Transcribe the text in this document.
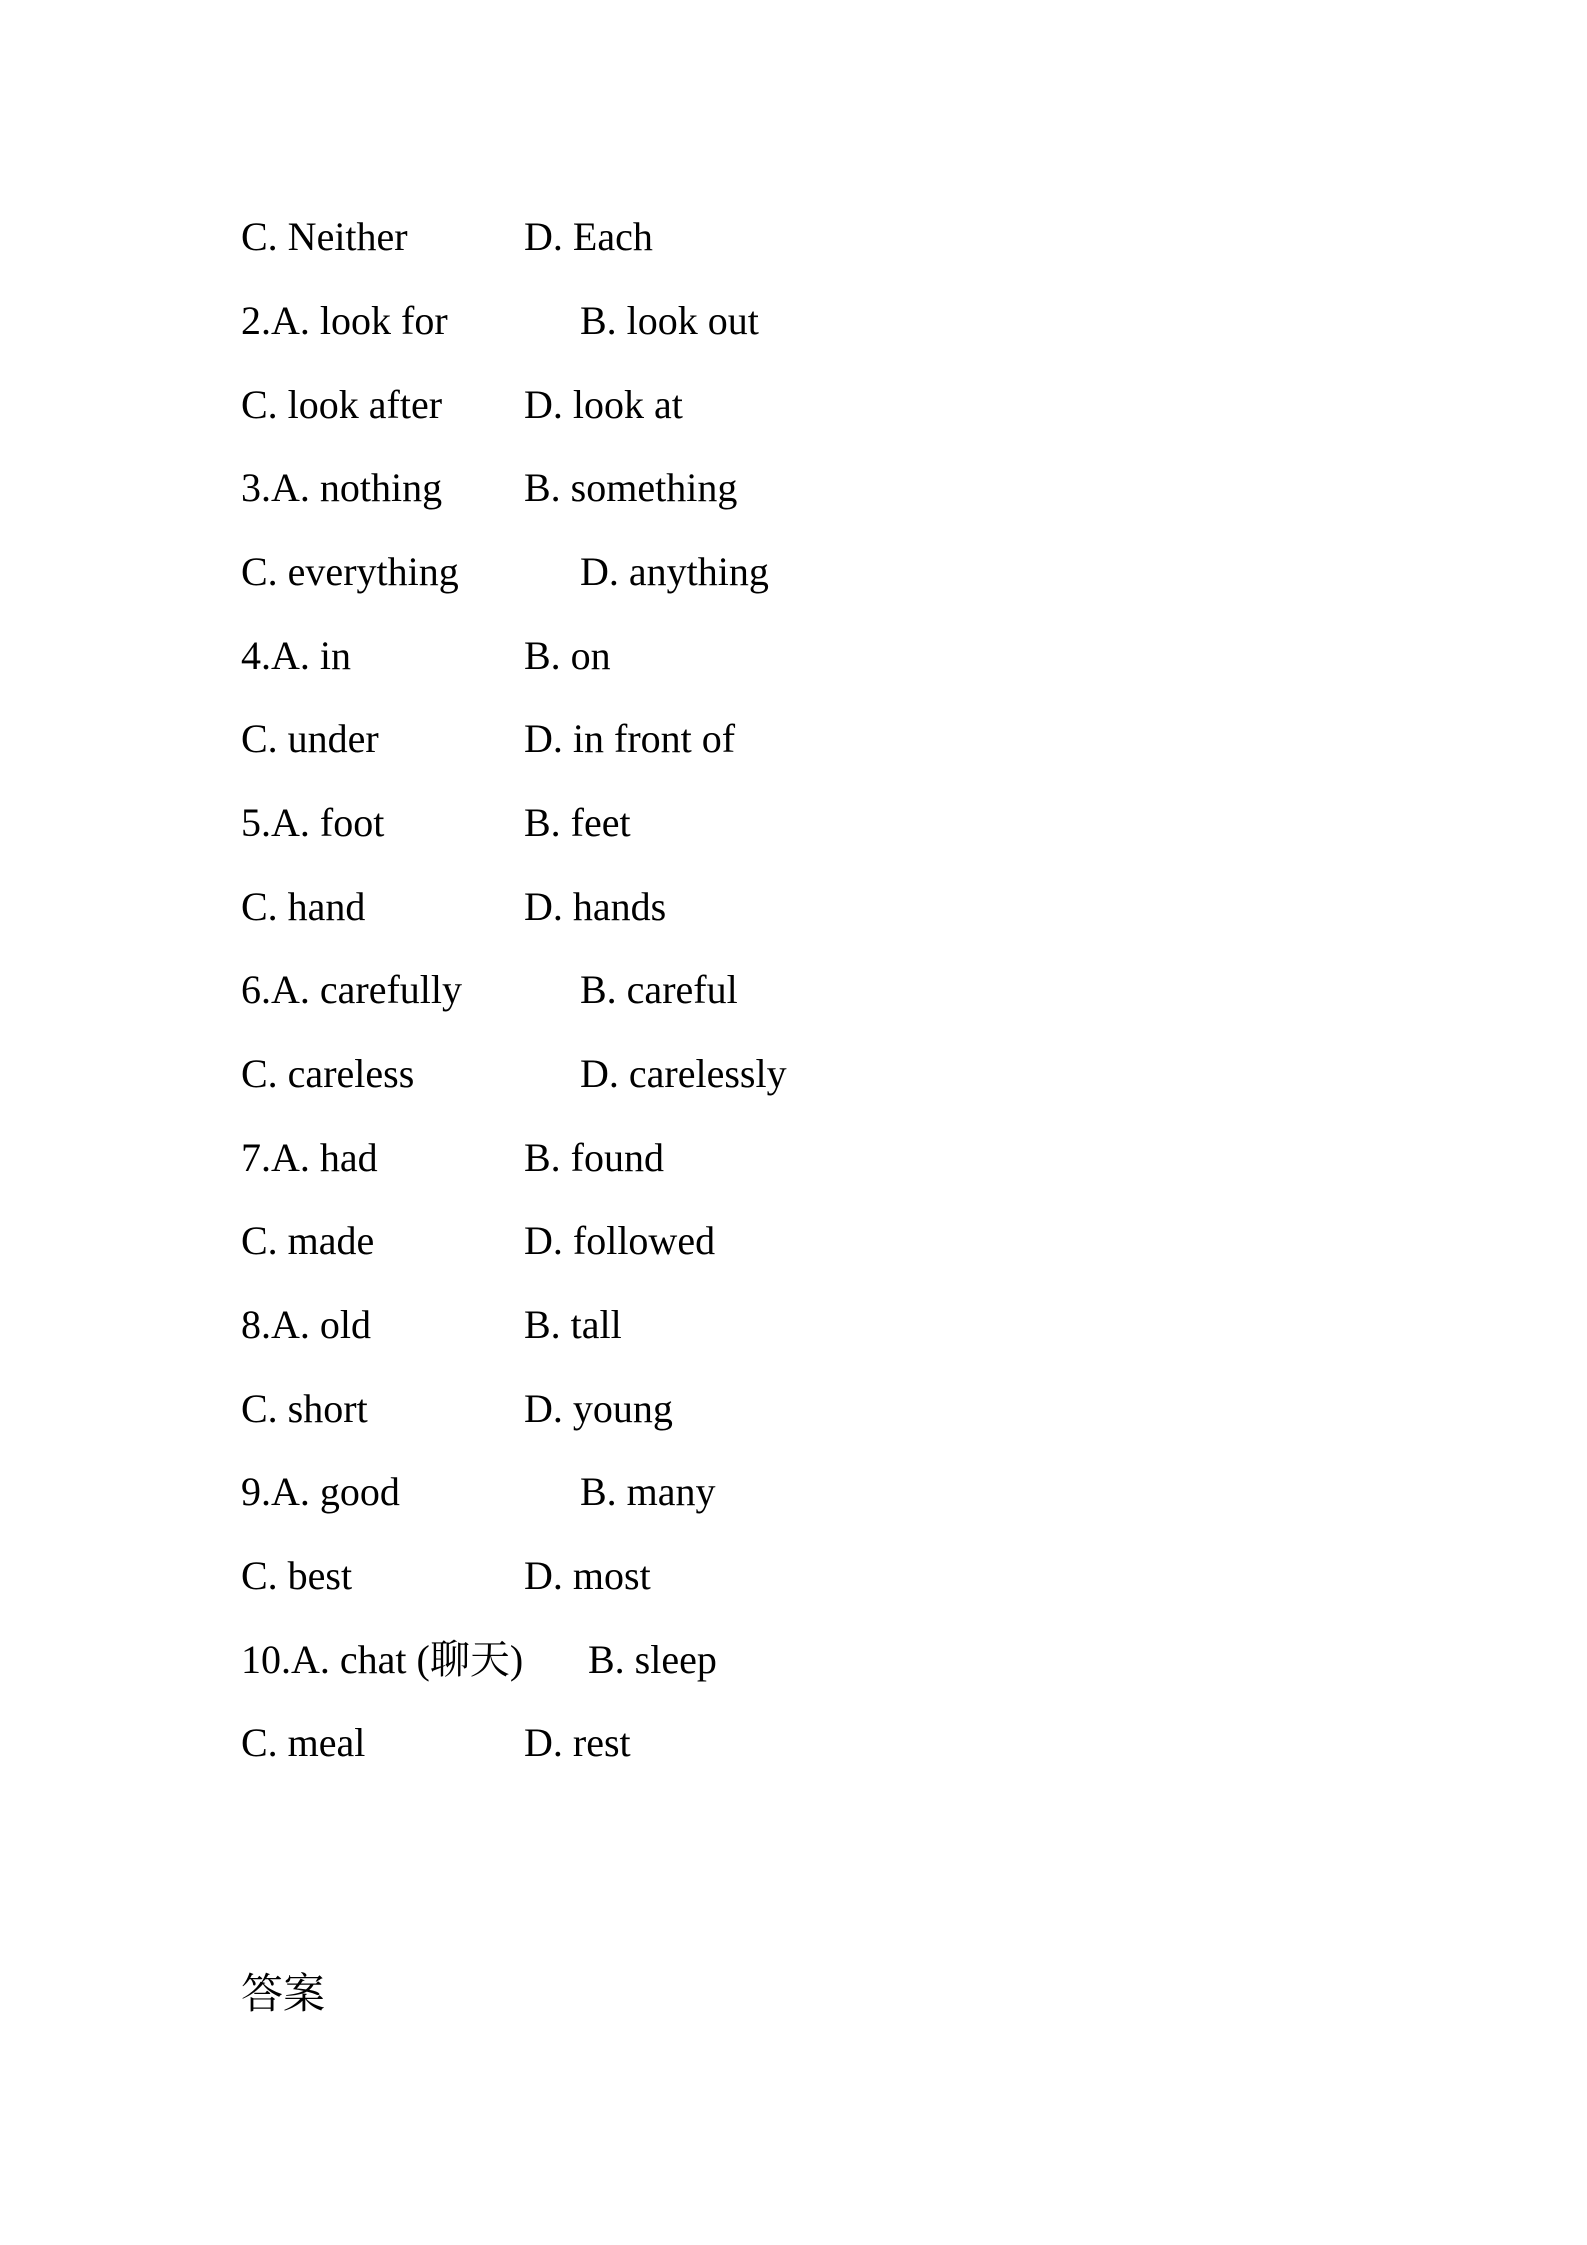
C. Neither	D. Each
2.A. look for	B. look out
C. look after D. look at
3.A. nothing B. something
C. everything	D. anything
4.A. in	B. on
C. under	D. in front of
5.A. foot	B. feet
C. hand	D. hands
6.A. carefully	B. careful
C. careless	D. carelessly
7.A. had	B. found
C. made	D. followed
8.A. old	B. tall
C. short	D. young
9.A. good	B. many
C. best	D. most
10.A. chat (聊天) B. sleep
C. meal	D. rest
答案
